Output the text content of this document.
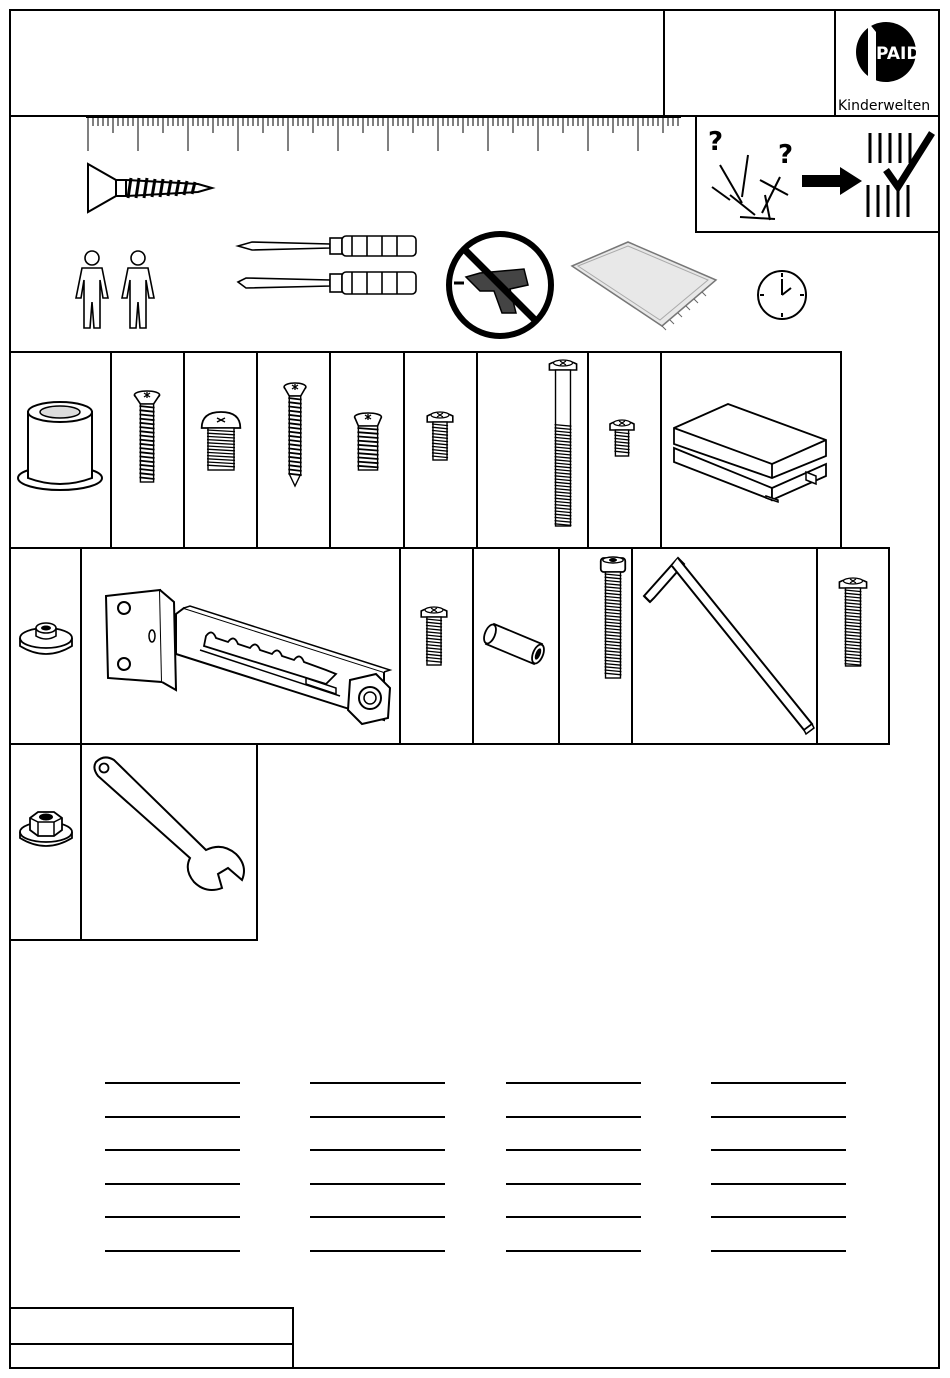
PAIDI
Kinderwelten
? ?
